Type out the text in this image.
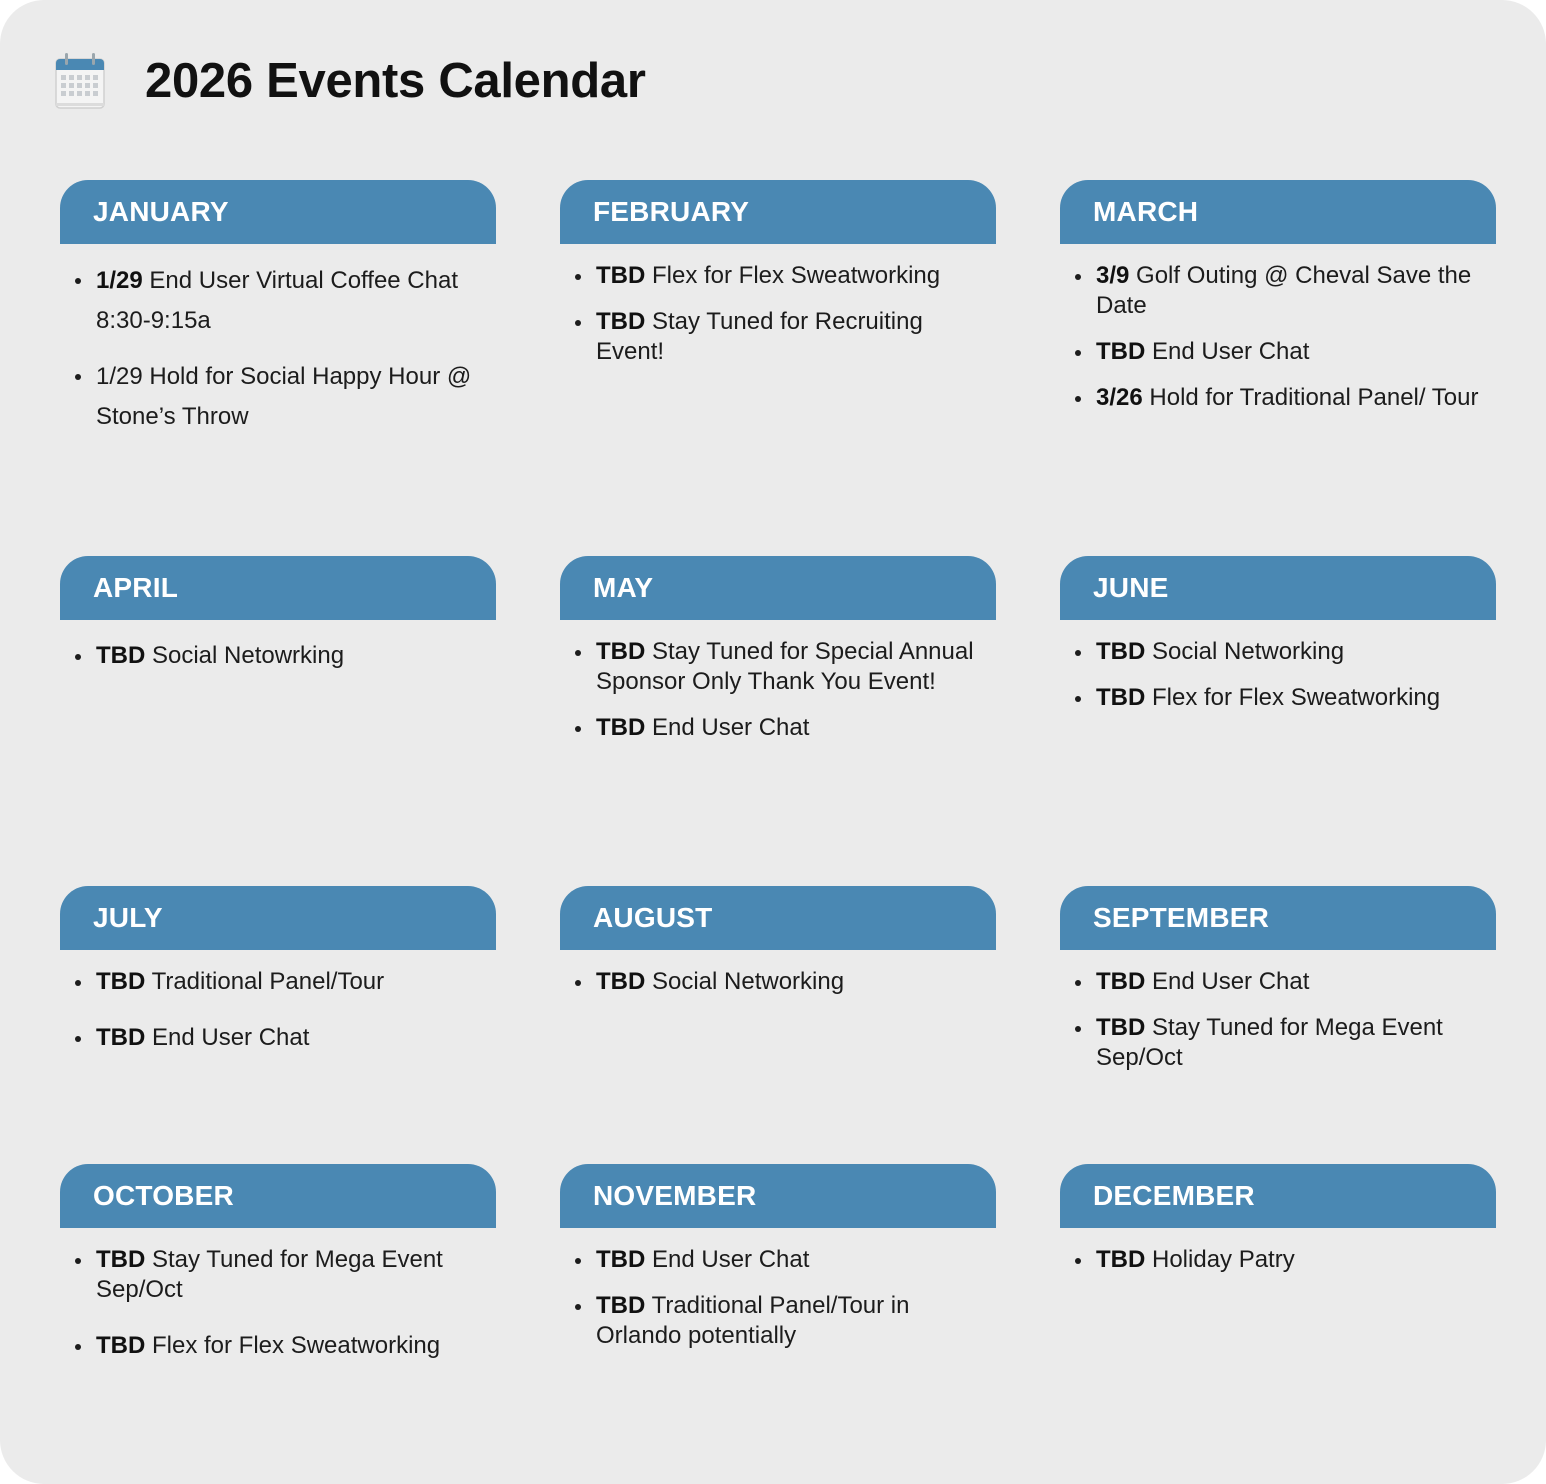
2026 Events Calendar
JANUARY
1/29 End User Virtual Coffee Chat 8:30-9:15a
1/29 Hold for Social Happy Hour @ Stone’s Throw
FEBRUARY
TBD Flex for Flex Sweatworking
TBD Stay Tuned for Recruiting Event!
MARCH
3/9 Golf Outing @ Cheval Save the Date
TBD End User Chat
3/26 Hold for Traditional Panel/ Tour
APRIL
TBD Social Netowrking
MAY
TBD Stay Tuned for Special Annual Sponsor Only Thank You Event!
TBD End User Chat
JUNE
TBD Social Networking
TBD Flex for Flex Sweatworking
JULY
TBD Traditional Panel/Tour
TBD End User Chat
AUGUST
TBD Social Networking
SEPTEMBER
TBD End User Chat
TBD Stay Tuned for Mega Event Sep/Oct
OCTOBER
TBD Stay Tuned for Mega Event Sep/Oct
TBD Flex for Flex Sweatworking
NOVEMBER
TBD End User Chat
TBD Traditional Panel/Tour in Orlando potentially
DECEMBER
TBD Holiday Patry
